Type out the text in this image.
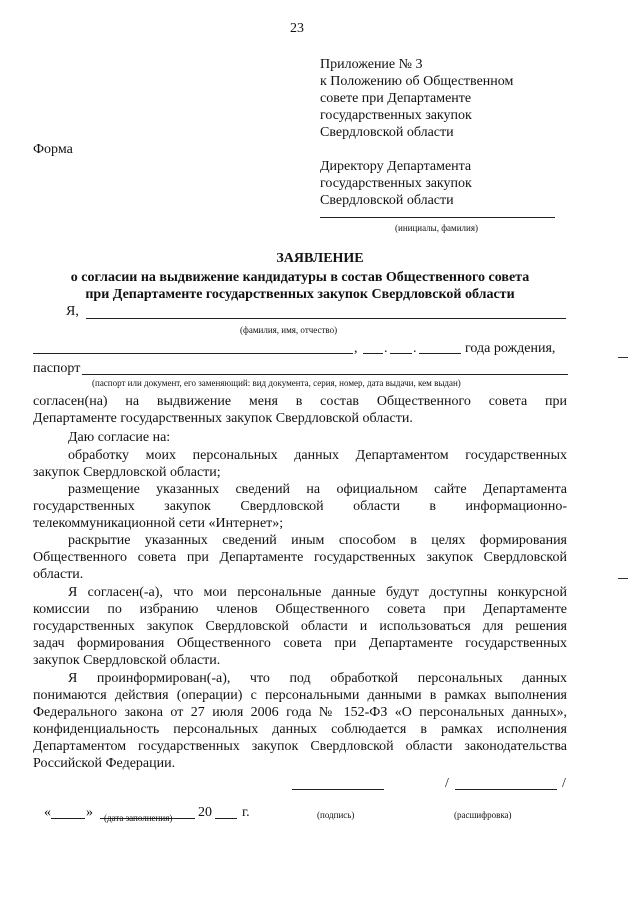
23
Приложение № 3
к Положению об Общественном
совете при Департаменте
государственных закупок
Свердловской области
Форма
Директору Департамента
государственных закупок
Свердловской области
(инициалы, фамилия)
ЗАЯВЛЕНИЕ
о согласии на выдвижение кандидатуры в состав Общественного совета
при Департаменте государственных закупок Свердловской области
Я,
(фамилия, имя, отчество)
, . .	года рождения,
паспорт
(паспорт или документ, его заменяющий: вид документа, серия, номер, дата выдачи, кем выдан)
согласен(на) на выдвижение меня в состав Общественного совета при
Департаменте государственных закупок Свердловской области.
Даю согласие на:
обработку моих персональных данных Департаментом государственных
закупок Свердловской области;
размещение указанных сведений на официальном сайте Департамента
государственных закупок Свердловской области в информационно-
телекоммуникационной сети «Интернет»;
раскрытие указанных сведений иным способом в целях формирования
Общественного совета при Департаменте государственных закупок Свердловской
области.
Я согласен(-а), что мои персональные данные будут доступны конкурсной
комиссии по избранию членов Общественного совета при Департаменте
государственных закупок Свердловской области и использоваться для решения
задач формирования Общественного совета при Департаменте государственных
закупок Свердловской области.
Я проинформирован(-а), что под обработкой персональных данных
понимаются действия (операции) с персональными данными в рамках выполнения
Федерального закона от 27 июля 2006 года № 152-ФЗ «О персональных данных»,
конфиденциальность персональных данных соблюдается в рамках исполнения
Департаментом государственных закупок Свердловской области законодательства
Российской Федерации.
/	/
«	»	20 г.
(дата заполнения)	(подпись)	(расшифровка)
